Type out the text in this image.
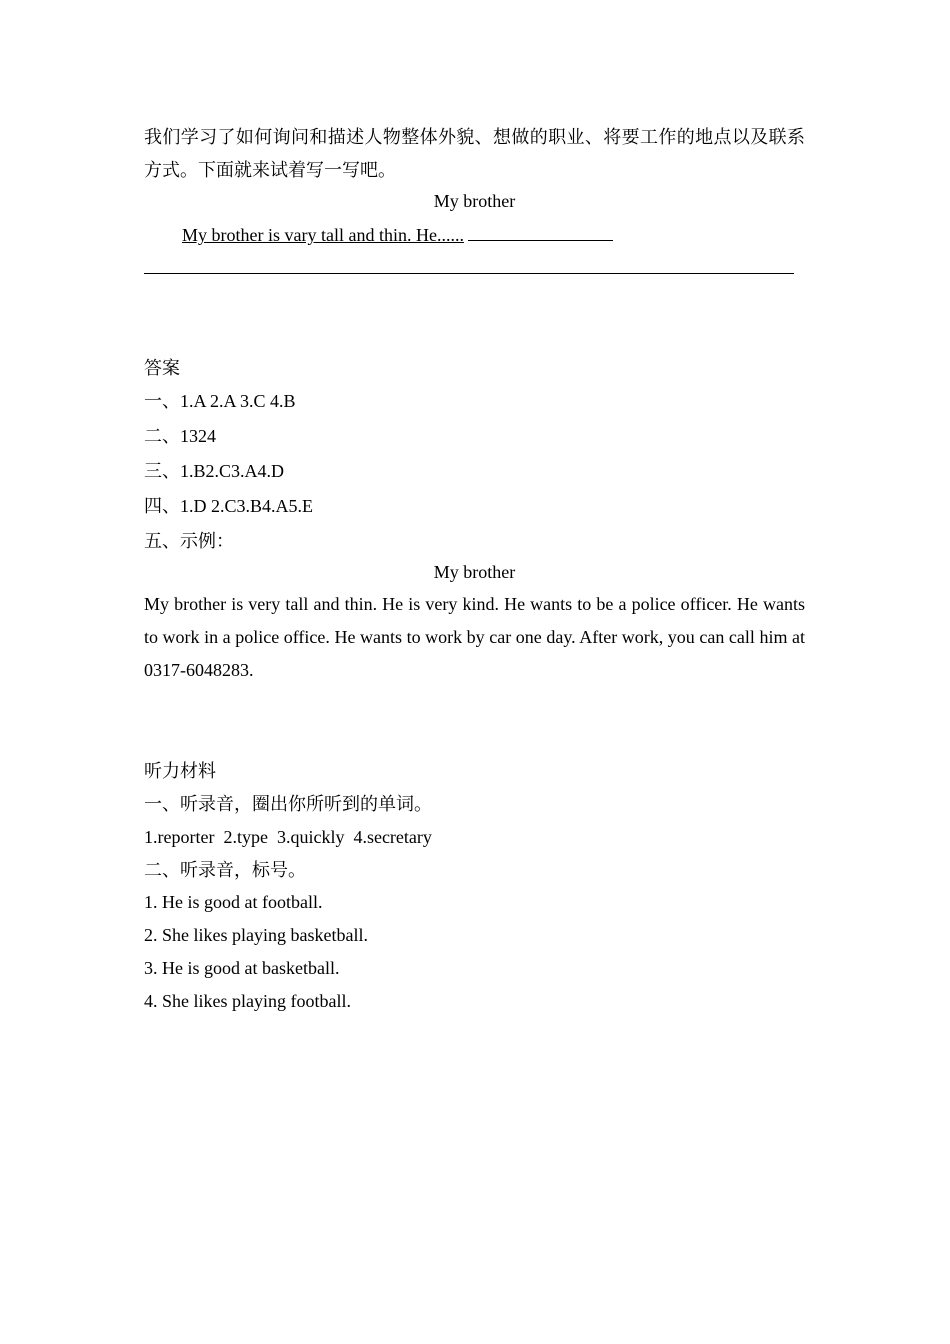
我们学习了如何询问和描述人物整体外貌、想做的职业、将要工作的地点以及联系方式。下面就来试着写一写吧。
My brother
My brother is vary tall and thin. He......
答案
一、1.A 2.A 3.C 4.B
二、1324
三、1.B2.C3.A4.D
四、1.D 2.C3.B4.A5.E
五、示例：
My brother
My brother is very tall and thin. He is very kind. He wants to be a police officer. He wants to work in a police office. He wants to work by car one day. After work, you can call him at 0317-6048283.
听力材料
一、听录音，圈出你所听到的单词。
1.reporter  2.type  3.quickly  4.secretary
二、听录音，标号。
1. He is good at football.
2. She likes playing basketball.
3. He is good at basketball.
4. She likes playing football.
